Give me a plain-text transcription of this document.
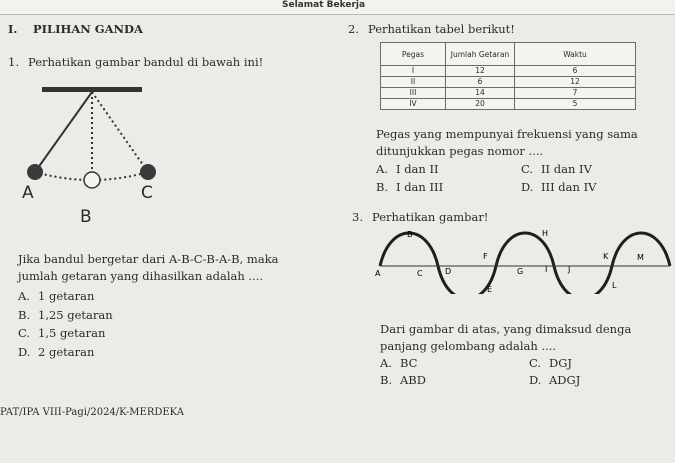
Selamat Bekerja
I. PILIHAN GANDA
1. Perhatikan gambar bandul di bawah ini!
A
B
C
Jika bandul bergetar dari A-B-C-B-A-B, maka
jumlah getaran yang dihasilkan adalah ....
A. 1 getaran
B. 1,25 getaran
C. 1,5 getaran
D. 2 getaran
2. Perhatikan tabel berikut!
Pegas	Jumlah Getaran	Waktu
I	12	6
II	6	12
III	14	7
IV	20	5
Pegas yang mempunyai frekuensi yang sama
ditunjukkan pegas nomor ....
A. I dan II
B. I dan III
C. II dan IV
D. III dan IV
3. Perhatikan gambar!
A
B
C	D
E
F
G
H
I	J
K
L
M
Dari gambar di atas, yang dimaksud denga
panjang gelombang adalah ....
A. BC
B. ABD
C. DGJ
D. ADGJ
PAT/IPA VIII-Pagi/2024/K-MERDEKA
